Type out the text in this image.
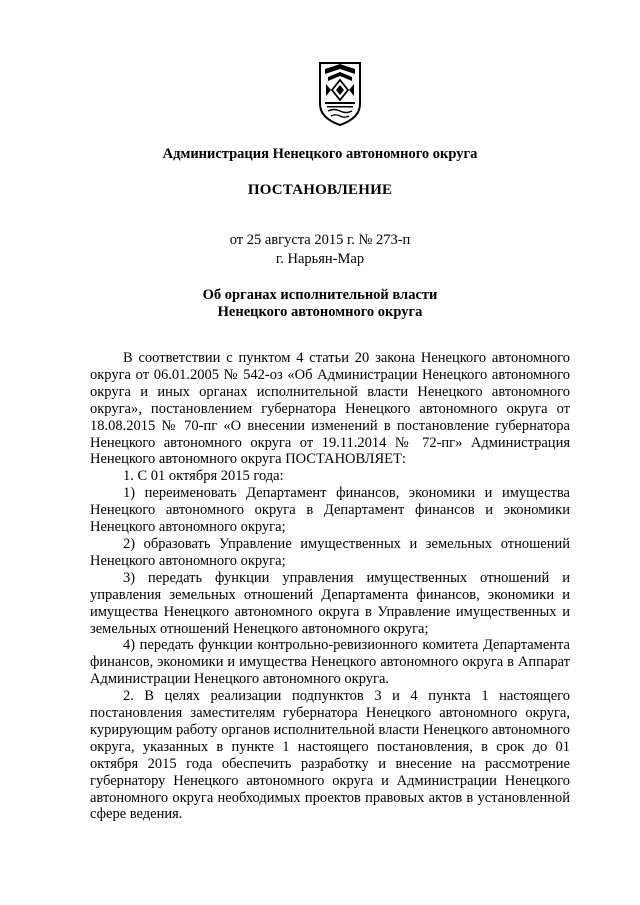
Администрация Ненецкого автономного округа
ПОСТАНОВЛЕНИЕ
от 25 августа 2015 г. № 273-п
г. Нарьян-Мар
Об органах исполнительной власти
Ненецкого автономного округа

В соответствии с пунктом 4 статьи 20 закона Ненецкого автономного округа от 06.01.2005 № 542-оз «Об Администрации Ненецкого автономного округа и иных органах исполнительной власти Ненецкого автономного округа», постановлением губернатора Ненецкого автономного округа от 18.08.2015 № 70-пг «О внесении изменений в постановление губернатора Ненецкого автономного округа от 19.11.2014 № 72-пг» Администрация Ненецкого автономного округа ПОСТАНОВЛЯЕТ:

1. С 01 октября 2015 года:

1) переименовать Департамент финансов, экономики и имущества Ненецкого автономного округа в Департамент финансов и экономики Ненецкого автономного округа;

2) образовать Управление имущественных и земельных отношений Ненецкого автономного округа;

3) передать функции управления имущественных отношений и управления земельных отношений Департамента финансов, экономики и имущества Ненецкого автономного округа в Управление имущественных и земельных отношений Ненецкого автономного округа;

4) передать функции контрольно-ревизионного комитета Департамента финансов, экономики и имущества Ненецкого автономного округа в Аппарат Администрации Ненецкого автономного округа.

2. В целях реализации подпунктов 3 и 4 пункта 1 настоящего постановления заместителям губернатора Ненецкого автономного округа, курирующим работу органов исполнительной власти Ненецкого автономного округа, указанных в пункте 1 настоящего постановления, в срок до 01 октября 2015 года обеспечить разработку и внесение на рассмотрение губернатору Ненецкого автономного округа и Администрации Ненецкого автономного округа необходимых проектов правовых актов в установленной сфере ведения.
